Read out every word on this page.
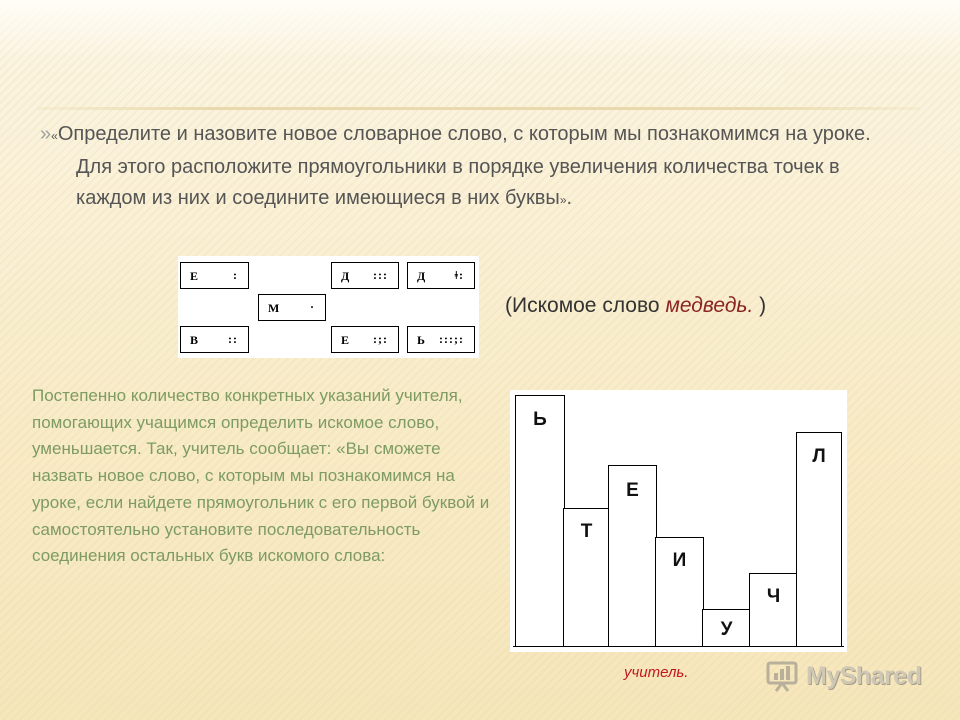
»«Определите и назовите новое словарное слово, с которым мы познакомимся на уроке. Для этого расположите прямоугольники в порядке увеличения количества точек в каждом из них и соедините имеющиеся в них буквы».

Е	:	Д ::: Д ǂ:
М	·
В ::	Е :;: Ь :::;:
(Искомое слово медведь. )

Постепенно количество конкретных указаний учителя, помогающих учащимся определить искомое слово, уменьшается. Так, учитель сообщает: «Вы сможете назвать новое слово, с которым мы познакомимся на уроке, если найдете прямоугольник с его первой буквой и самостоятельно установите последовательность соединения остальных букв искомого слова:

Ь
Т
Е
И
У
Ч
Л
учитель.	MyShared
